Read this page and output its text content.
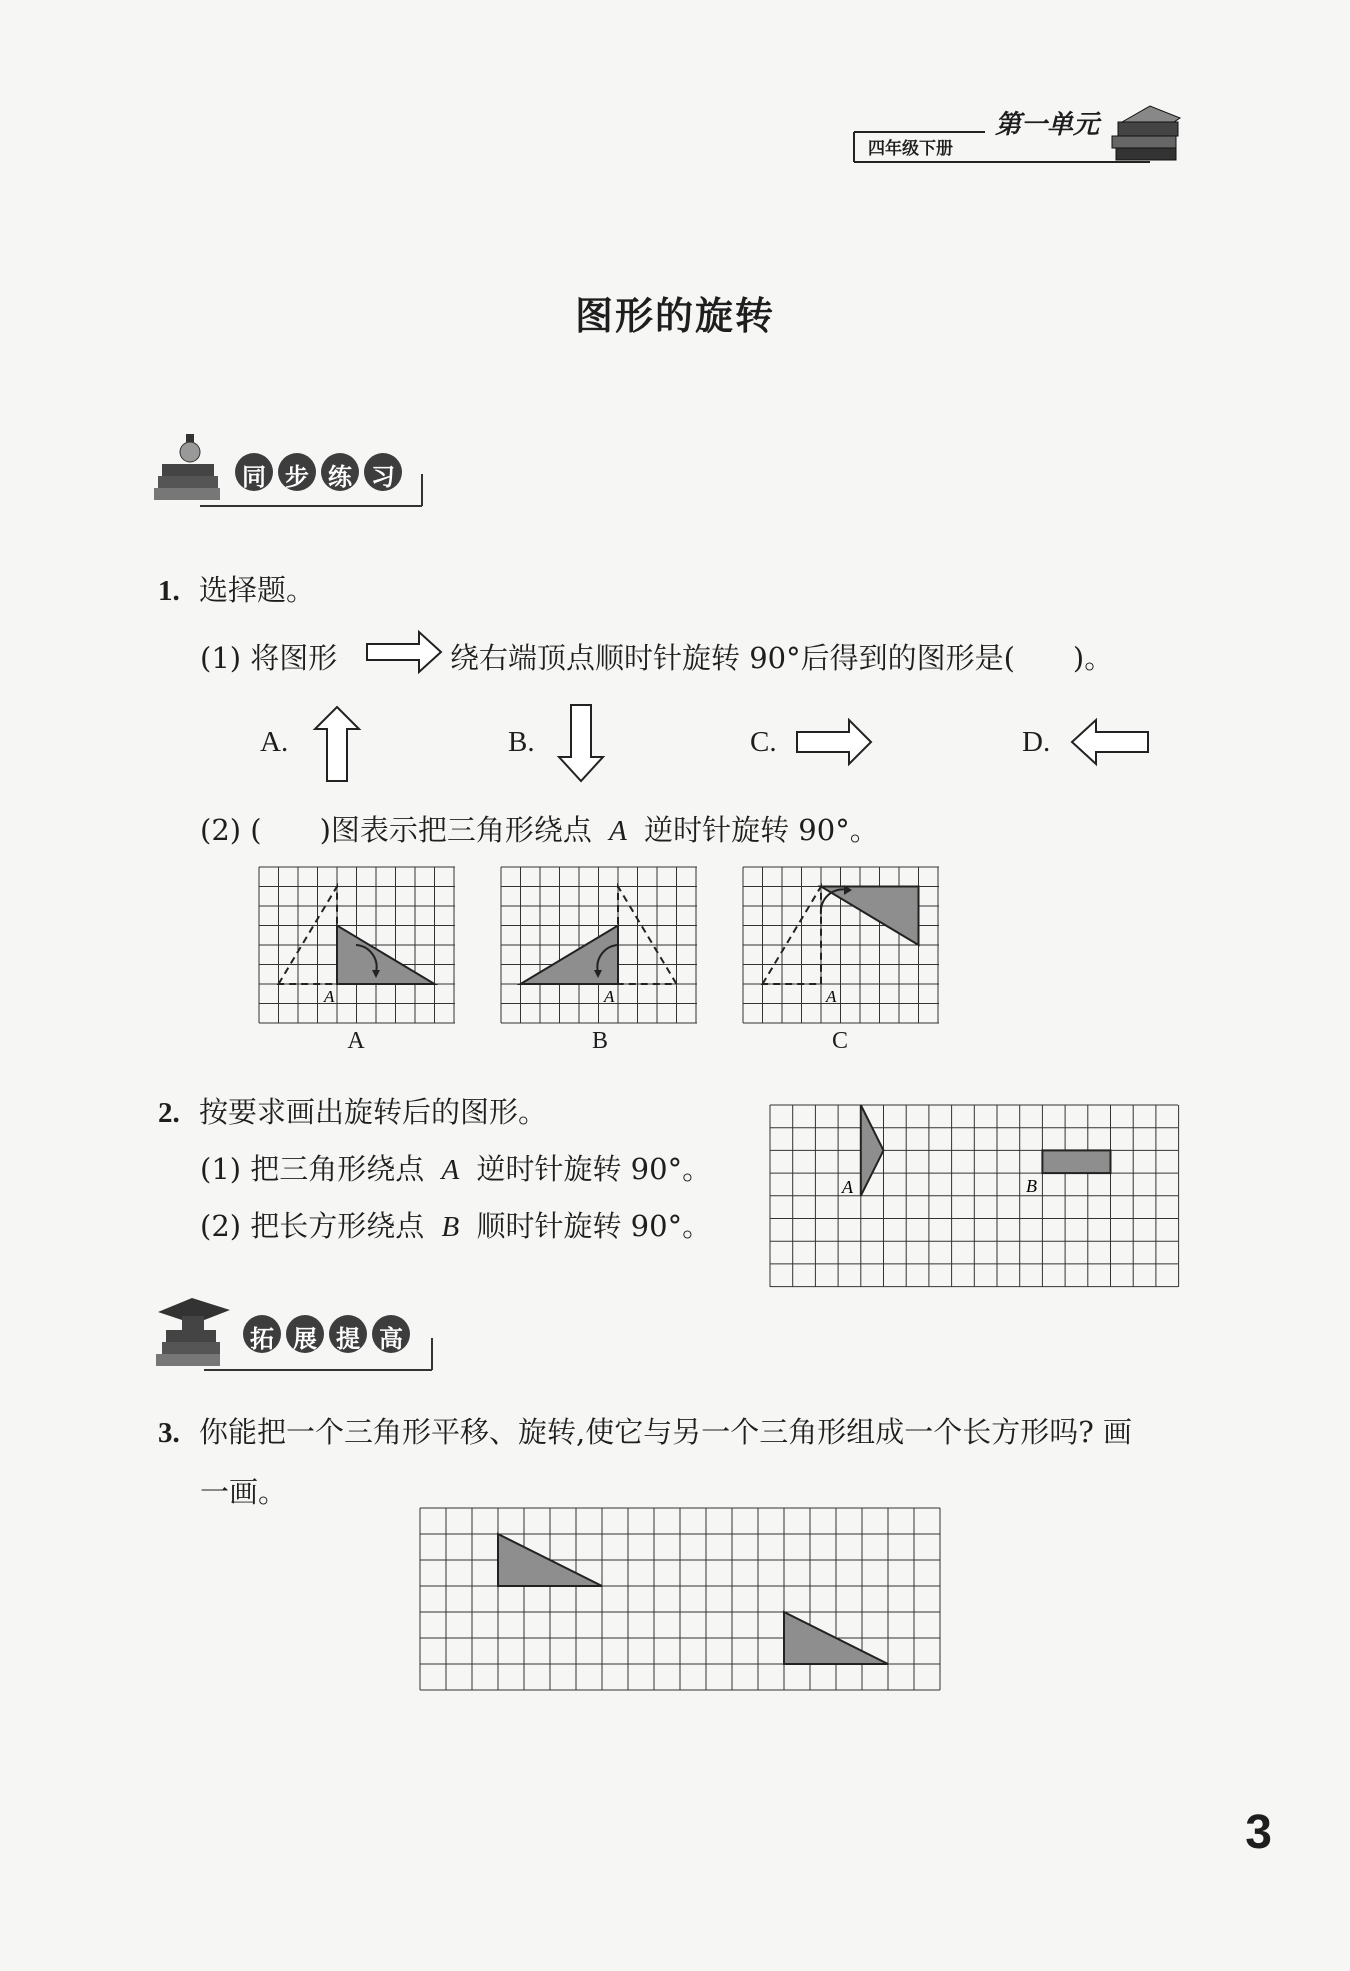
第一单元
四年级下册
图形的旋转
同 步 练 习
1. 选择题。
(1) 将图形	绕右端顶点顺时针旋转 90°后得到的图形是(　　)。
A.	B.	C.	D.
(2) (　　)图表示把三角形绕点 A 逆时针旋转 90°。
A	A	A
A	B	C
2. 按要求画出旋转后的图形。
(1) 把三角形绕点 A 逆时针旋转 90°。
(2) 把长方形绕点 B 顺时针旋转 90°。
A	B
拓 展 提 高
3. 你能把一个三角形平移、旋转,使它与另一个三角形组成一个长方形吗? 画
一画。
3
